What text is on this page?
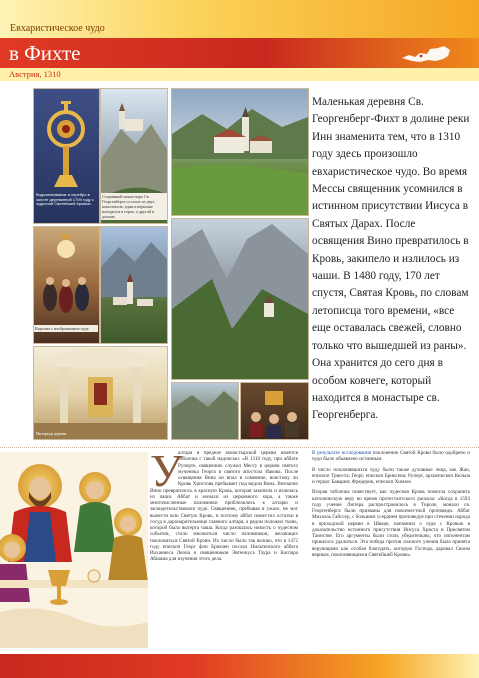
Евхаристическое чудо
в Фихте
Австрия, 1310
Водосвятивание и серебро в золоте деревянной 1709 году с чудесной Святейшей Кровью.
Старинный монастырь Св. Георгенберга состоит из двух комплексов: один в вершине находится в горах, а другой в долине.
Картина с изображением чуда
Интерьер церкви
Маленькая деревня Св. Георгенберг-Фихт в долине реки Инн знаменита тем, что в 1310 году здесь произошло евхаристическое чудо. Во время Мессы священник усомнился в истинном присутствии Иисуса в Святых Дарах. После освящения Вино превратилось в Кровь, закипело и излилось из чаши. В 1480 году, 170 лет спустя, Святая Кровь, по словам летописца того времени, «все еще оставалась свежей, словно только что вышедшей из раны». Она хранится до сего дня в особом ковчеге, который находится в монастыре св. Георгенберга.
У
алтаря в пределе монастырской церкви имеется табличка с такой надписью: «В 1310 году, при аббате Руперте, священник служил Мессу в церкви святого мученика Георга и святого апостола Иакова. После освящения Вина он впал в сомнение, воистину ли Кровь Христова пребывает под видом Вина. Внезапно Вино превратилось в красную Кровь, которая закипела и излилась из чаши. Аббат и монахи из церковного хора, а также многочисленные паломники приблизились к алтарю и засвидетельствовали чудо. Священник, пребывая в ужасе, не мог вынести всю Святую Кровь, и поэтому аббат поместил остатки в сосуд в даронарительнице главного алтаря, а рядом положил ткань, которой была вытерта чаша. Когда разошлась новость о чудесном событии, стало множиться число паломников, желающих поклониться Святой Крови. Их число было так велико, что в 1472 году епископ Георг фон Брикзен послал Нильтенского аббата Иоханнеса Леона и священников Эвгениуса Таура и Каспара Абшама для изучения этого дела.

В результате исследования поклонение Святой Крови было одобрено и чудо было объявлено истинным.

В число поклонявшихся чуду были также духовные лица, как Жан, епископ Триеста; Георг, епископ Бриксена; Руперт, архиепископ Кельна и герцог Баварии; Фредерик, епископ Химзее.

Вторая табличка повествует, как чудесная Кровь помогла сохранить католическую веру во время протестантского раскола: «Когда в 1593 году учение Лютера распространилось в Тироле, монахи св. Георгенберга были призваны для повсеместной проповеди. Аббат Михаэль Гайссер, с большим усердием проповедуя при стечении народа в приходской церкви в Швацe, напомнил о чуде с Кровью в доказательство истинного присутствия Иисуса Христа в Пресвятом Таинстве. Его аргументы были столь убедительны, что оппонентам пришлось удалиться. Эта победа против ложного учения была принята верующими как особая благодать, которую Господь даровал Своим верным, поклоняющимся Святейшей Крови».
